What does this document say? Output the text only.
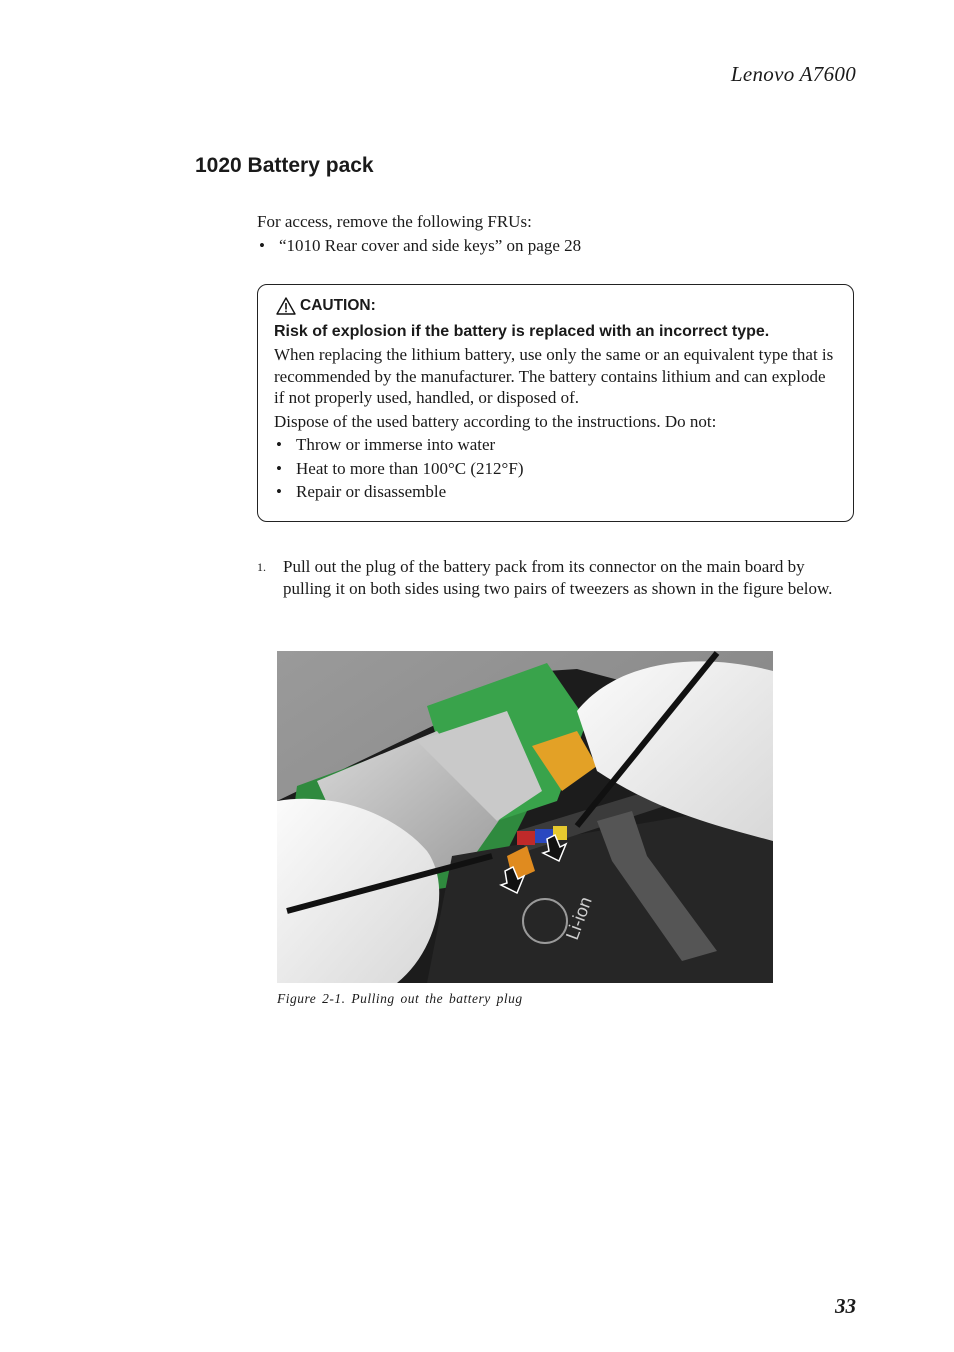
Lenovo A7600
1020 Battery pack
For access, remove the following FRUs:
• “1010 Rear cover and side keys” on page 28
CAUTION:
Risk of explosion if the battery is replaced with an incorrect type.
When replacing the lithium battery, use only the same or an equivalent type that is recommended by the manufacturer. The battery contains lithium and can explode if not properly used, handled, or disposed of.
Dispose of the used battery according to the instructions. Do not:
• Throw or immerse into water
• Heat to more than 100°C (212°F)
• Repair or disassemble
1.	Pull out the plug of the battery pack from its connector on the main board by pulling it on both sides using two pairs of tweezers as shown in the figure below.
Li-ion
Figure 2-1. Pulling out the battery plug
33
